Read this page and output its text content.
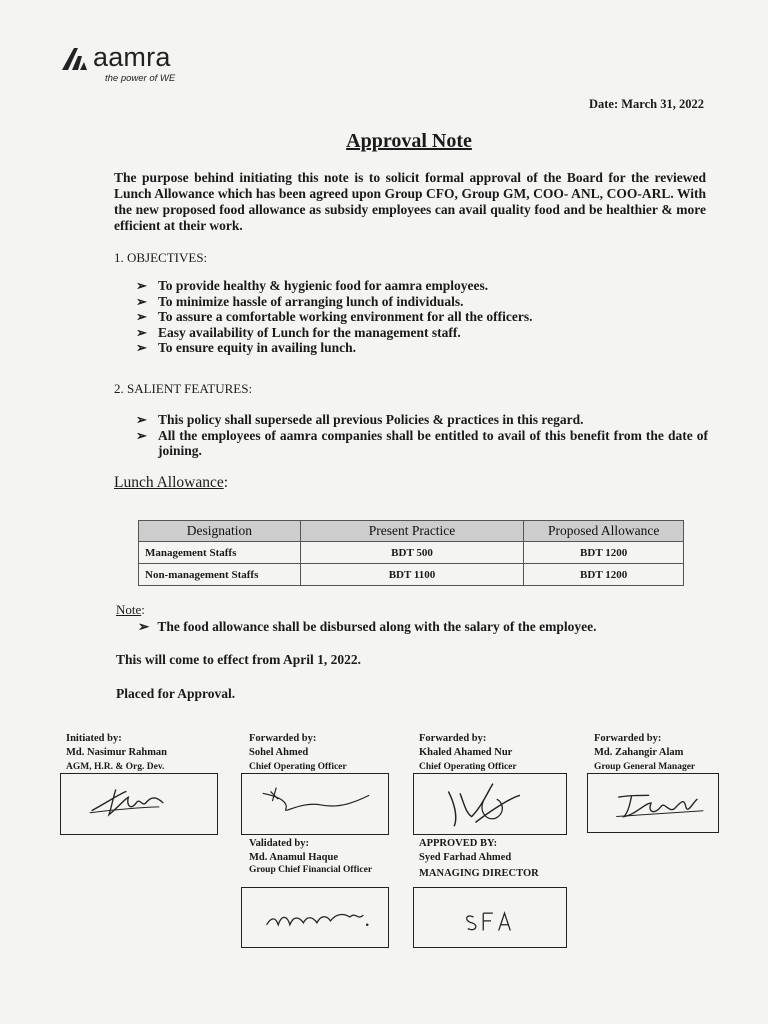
aamra
the power of WE
Date: March 31, 2022
Approval Note
The purpose behind initiating this note is to solicit formal approval of the Board for the reviewed Lunch Allowance which has been agreed upon Group CFO, Group GM, COO- ANL, COO-ARL. With the new proposed food allowance as subsidy employees can avail quality food and be healthier & more efficient at their work.
1. OBJECTIVES:
➢ To provide healthy & hygienic food for aamra employees.
➢ To minimize hassle of arranging lunch of individuals.
➢ To assure a comfortable working environment for all the officers.
➢ Easy availability of Lunch for the management staff.
➢ To ensure equity in availing lunch.
2. SALIENT FEATURES:
➢ This policy shall supersede all previous Policies & practices in this regard.
➢ All the employees of aamra companies shall be entitled to avail of this benefit from the date of joining.
Lunch Allowance:
Designation	Present Practice	Proposed Allowance
Management Staffs	BDT 500	BDT 1200
Non-management Staffs	BDT 1100	BDT 1200
Note:
➢ The food allowance shall be disbursed along with the salary of the employee.
This will come to effect from April 1, 2022.
Placed for Approval.
Initiated by:
Md. Nasimur Rahman
AGM, H.R. & Org. Dev.
Forwarded by:
Sohel Ahmed
Chief Operating Officer
Forwarded by:
Khaled Ahamed Nur
Chief Operating Officer
Forwarded by:
Md. Zahangir Alam
Group General Manager
Validated by:
Md. Anamul Haque
Group Chief Financial Officer
APPROVED BY:
Syed Farhad Ahmed
MANAGING DIRECTOR
